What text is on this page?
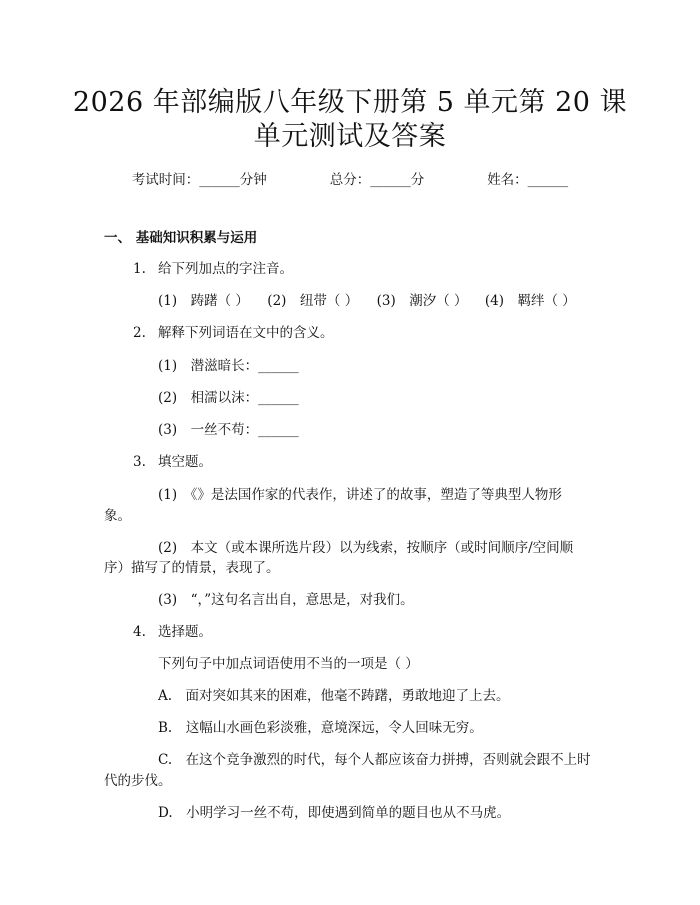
2026 年部编版八年级下册第 5 单元第 20 课
单元测试及答案
考试时间：______分钟	总分：______分	姓名：______
一、 基础知识积累与运用
1. 给下列加点的字注音。
(1)　踌躇（ ） (2)　纽带（ ） (3)　潮汐（ ） (4)　羁绊（ ）
2. 解释下列词语在文中的含义。
(1)　潜滋暗长：______
(2)　相濡以沫：______
(3)　一丝不苟：______
3. 填空题。
(1)　《》是法国作家的代表作，讲述了的故事，塑造了等典型人物形
象。
(2)　本文（或本课所选片段）以为线索，按顺序（或时间顺序/空间顺
序）描写了的情景，表现了。
(3)　“，”这句名言出自，意思是，对我们。
4. 选择题。
下列句子中加点词语使用不当的一项是（ ）
A.　面对突如其来的困难，他毫不踌躇，勇敢地迎了上去。
B.　这幅山水画色彩淡雅，意境深远，令人回味无穷。
C.　在这个竞争激烈的时代，每个人都应该奋力拼搏，否则就会跟不上时
代的步伐。
D.　小明学习一丝不苟，即使遇到简单的题目也从不马虎。
